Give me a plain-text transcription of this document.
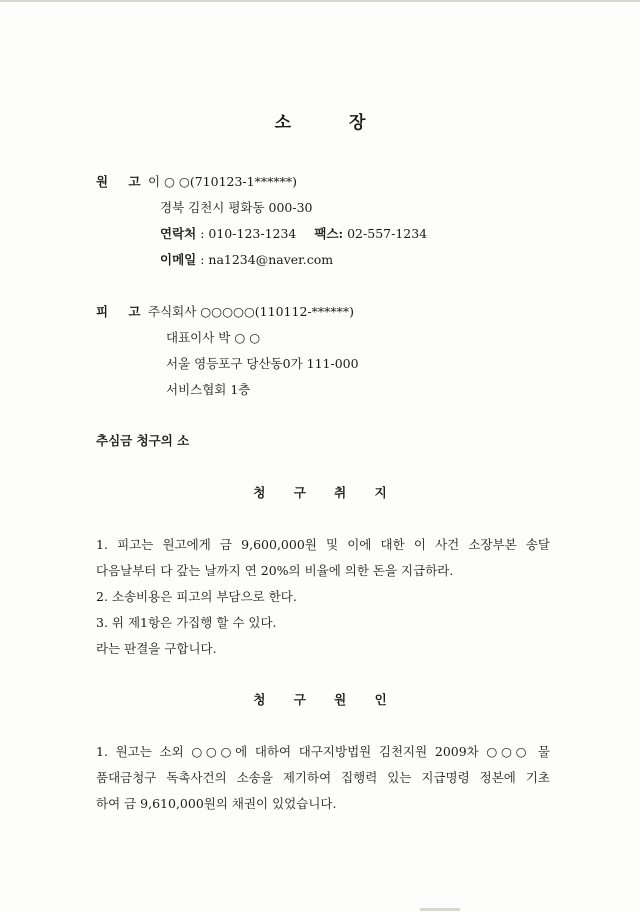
소 장
원 고 이 ○ ○(710123-1******)
경북 김천시 평화동 000-30
연락처 : 010-123-1234 팩스: 02-557-1234
이메일 : na1234@naver.com
피 고 주식회사 ○○○○○(110112-******)
대표이사 박 ○ ○
서울 영등포구 당산동0가 111-000
서비스협회 1층
추심금 청구의 소
청 구 취 지
1. 피고는 원고에게 금 9,600,000원 및 이에 대한 이 사건 소장부본 송달
다음날부터 다 갚는 날까지 연 20%의 비율에 의한 돈을 지급하라.
2. 소송비용은 피고의 부담으로 한다.
3. 위 제1항은 가집행 할 수 있다.
라는 판결을 구합니다.
청 구 원 인
1. 원고는 소외 ○○○에 대하여 대구지방법원 김천지원 2009차 ○○○ 물
품대금청구 독촉사건의 소송을 제기하여 집행력 있는 지급명령 정본에 기초
하여 금 9,610,000원의 채권이 있었습니다.
